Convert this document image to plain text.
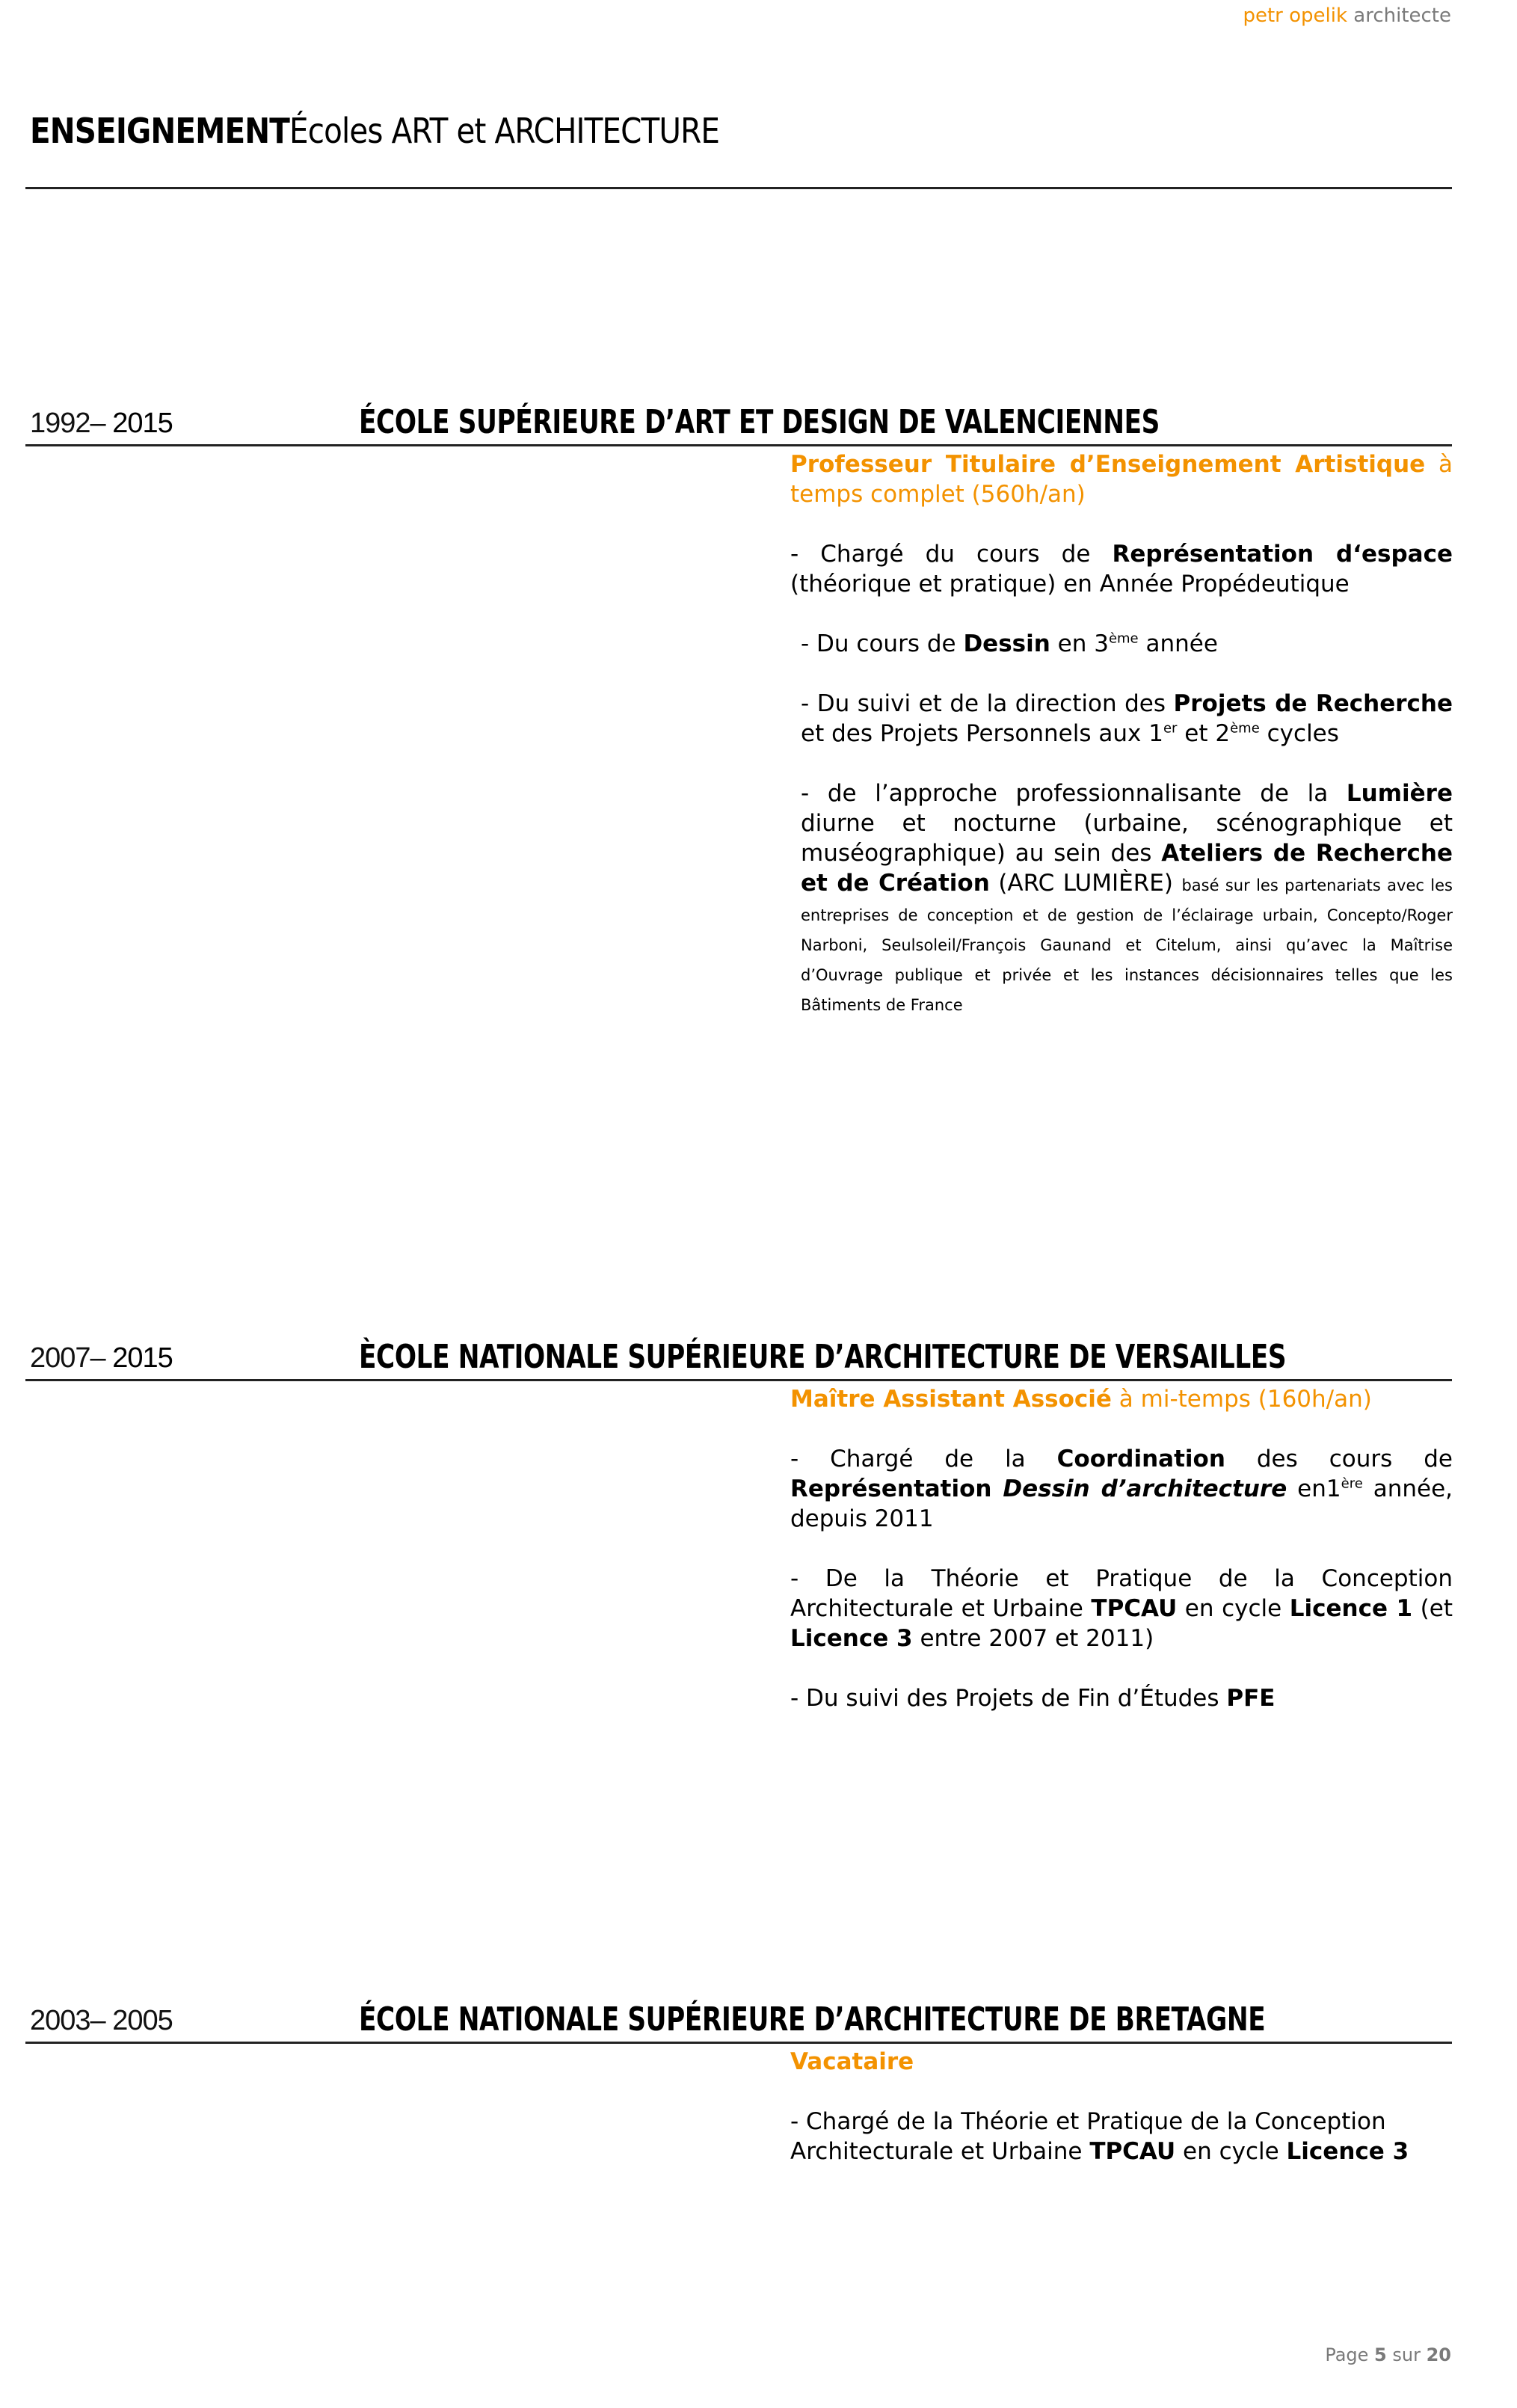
petr opelik architecte
ENSEIGNEMENTÉcoles ART et ARCHITECTURE
1992– 2015	ÉCOLE SUPÉRIEURE D’ART ET DESIGN DE VALENCIENNES
Professeur Titulaire d’Enseignement Artistique à temps complet (560h/an)
- Chargé du cours de Représentation d‘espace (théorique et pratique) en Année Propédeutique
- Du cours de Dessin en 3ème année
- Du suivi et de la direction des Projets de Recherche et des Projets Personnels aux 1er et 2ème cycles
- de l’approche professionnalisante de la Lumière diurne et nocturne (urbaine, scénographique et muséographique) au sein des Ateliers de Recherche et de Création (ARC LUMIÈRE) basé sur les partenariats avec les entreprises de conception et de gestion de l’éclairage urbain, Concepto/Roger Narboni, Seulsoleil/François Gaunand et Citelum, ainsi qu’avec la Maîtrise d’Ouvrage publique et privée et les instances décisionnaires telles que les Bâtiments de France
2007– 2015	ÈCOLE NATIONALE SUPÉRIEURE D’ARCHITECTURE DE VERSAILLES
Maître Assistant Associé à mi-temps (160h/an)
- Chargé de la Coordination des cours de Représentation Dessin d’architecture en1ère année, depuis 2011
- De la Théorie et Pratique de la Conception Architecturale et Urbaine TPCAU en cycle Licence 1 (et Licence 3 entre 2007 et 2011)
- Du suivi des Projets de Fin d’Études PFE
2003– 2005	ÉCOLE NATIONALE SUPÉRIEURE D’ARCHITECTURE DE BRETAGNE
Vacataire
- Chargé de la Théorie et Pratique de la Conception Architecturale et Urbaine TPCAU en cycle Licence 3
Page 5 sur 20
